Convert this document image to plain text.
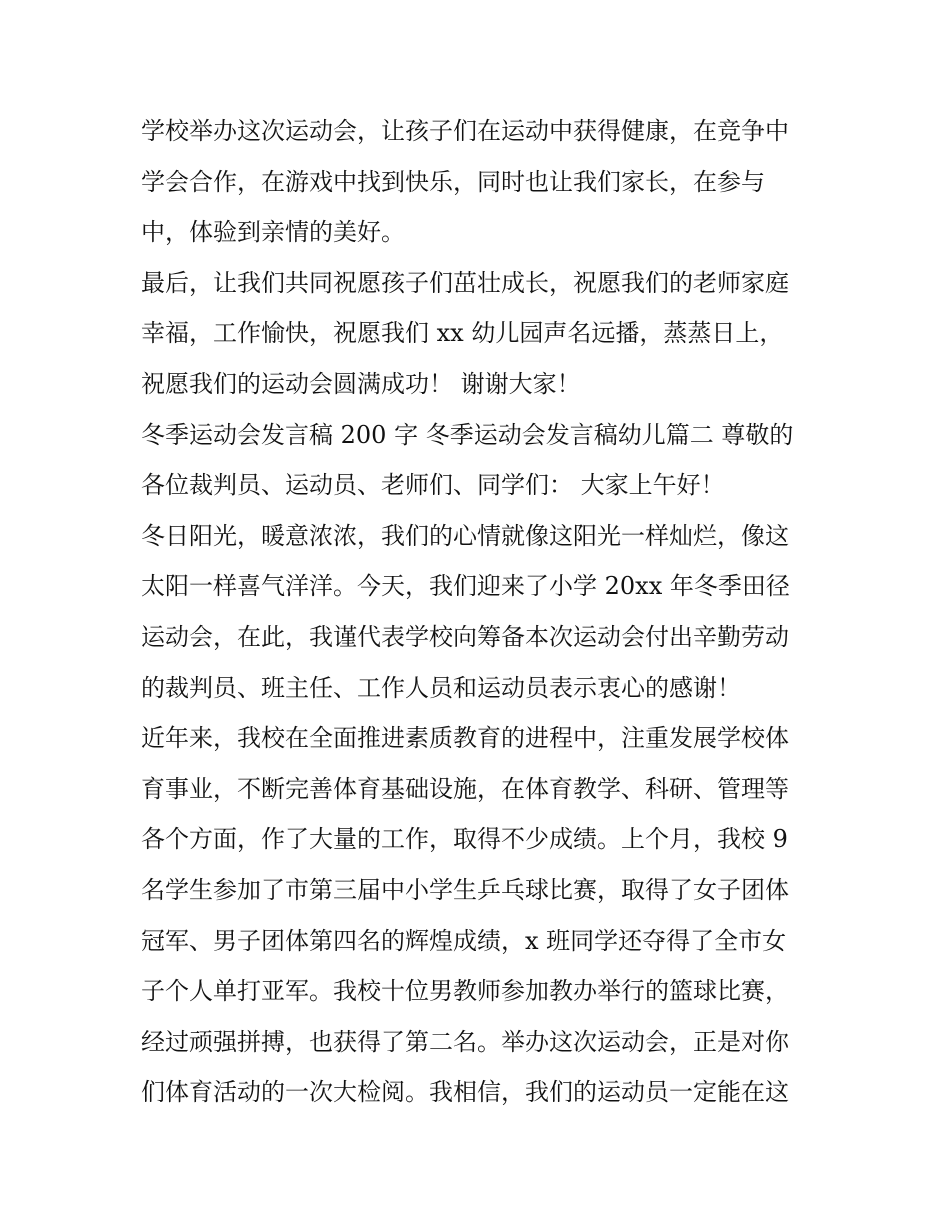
学校举办这次运动会，让孩子们在运动中获得健康，在竞争中
学会合作，在游戏中找到快乐，同时也让我们家长，在参与
中，体验到亲情的美好。
最后，让我们共同祝愿孩子们茁壮成长，祝愿我们的老师家庭
幸福，工作愉快，祝愿我们 xx 幼儿园声名远播，蒸蒸日上，
祝愿我们的运动会圆满成功！ 谢谢大家！
冬季运动会发言稿 200 字 冬季运动会发言稿幼儿篇二 尊敬的
各位裁判员、运动员、老师们、同学们： 大家上午好！
冬日阳光，暖意浓浓，我们的心情就像这阳光一样灿烂，像这
太阳一样喜气洋洋。今天，我们迎来了小学 20xx 年冬季田径
运动会，在此，我谨代表学校向筹备本次运动会付出辛勤劳动
的裁判员、班主任、工作人员和运动员表示衷心的感谢！
近年来，我校在全面推进素质教育的进程中，注重发展学校体
育事业，不断完善体育基础设施，在体育教学、科研、管理等
各个方面，作了大量的工作，取得不少成绩。上个月，我校 9
名学生参加了市第三届中小学生乒乓球比赛，取得了女子团体
冠军、男子团体第四名的辉煌成绩，x 班同学还夺得了全市女
子个人单打亚军。我校十位男教师参加教办举行的篮球比赛，
经过顽强拼搏，也获得了第二名。举办这次运动会，正是对你
们体育活动的一次大检阅。我相信，我们的运动员一定能在这
